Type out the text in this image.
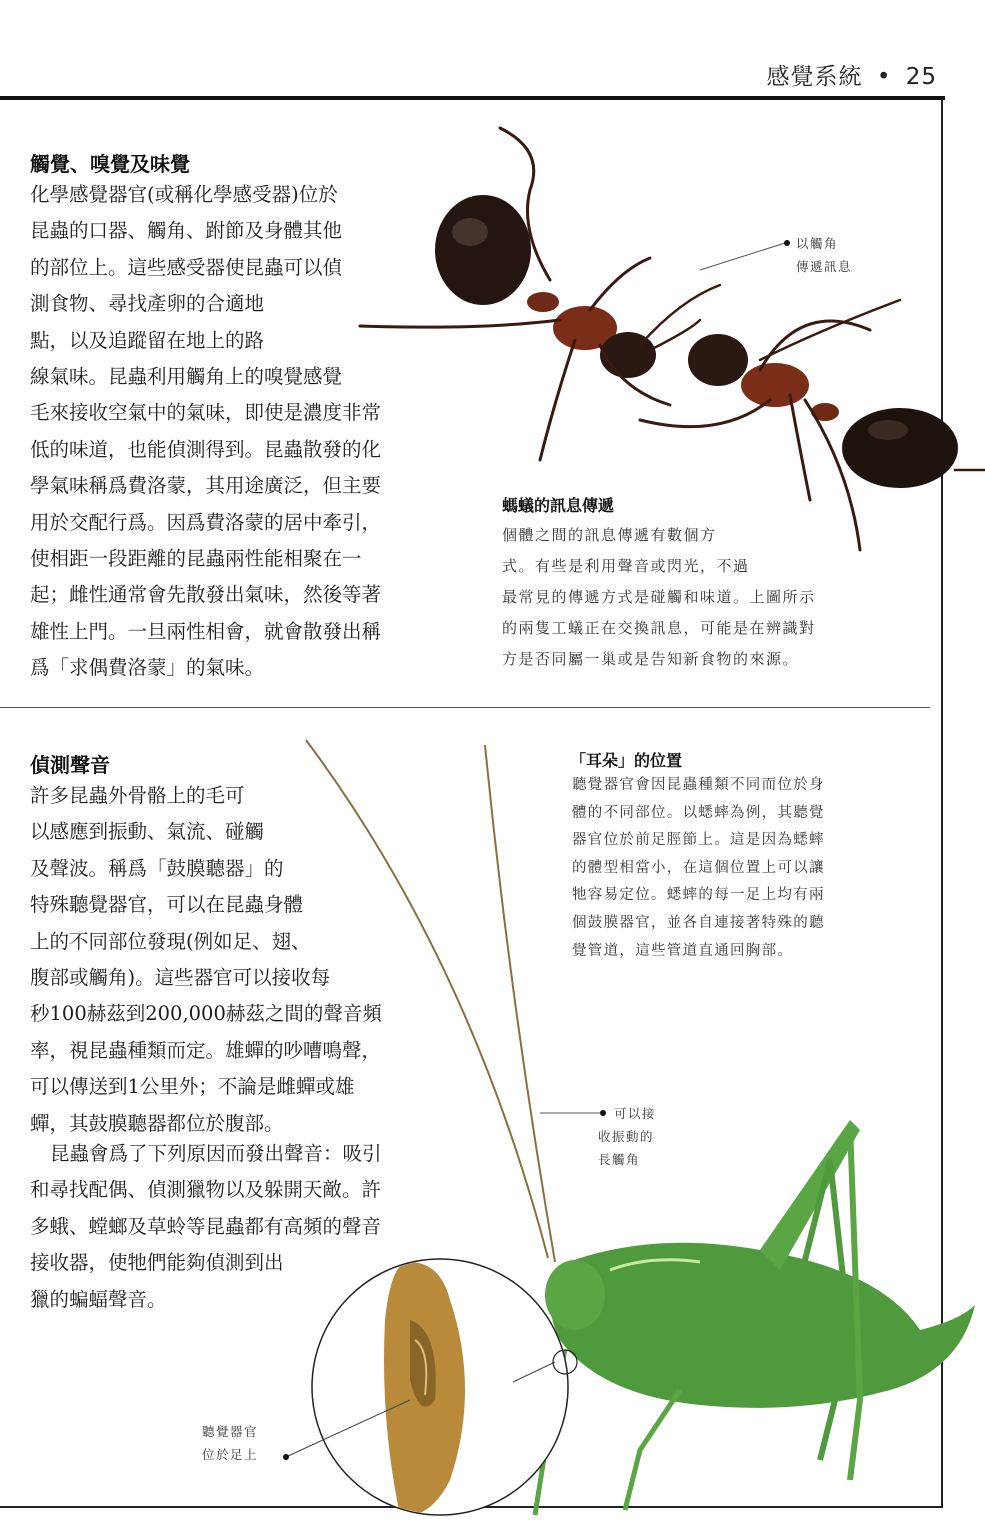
感覺系統 • 25
觸覺、嗅覺及味覺
化學感覺器官(或稱化學感受器)位於
昆蟲的口器、觸角、跗節及身體其他
的部位上。這些感受器使昆蟲可以偵
測食物、尋找產卵的合適地
點，以及追蹤留在地上的路
線氣味。昆蟲利用觸角上的嗅覺感覺
毛來接收空氣中的氣味，即使是濃度非常
低的味道，也能偵測得到。昆蟲散發的化
學氣味稱爲費洛蒙，其用途廣泛，但主要
用於交配行爲。因爲費洛蒙的居中牽引，
使相距一段距離的昆蟲兩性能相聚在一
起；雌性通常會先散發出氣味，然後等著
雄性上門。一旦兩性相會，就會散發出稱
爲「求偶費洛蒙」的氣味。
以觸角
傳遞訊息
螞蟻的訊息傳遞
個體之間的訊息傳遞有數個方
式。有些是利用聲音或閃光，不過
最常見的傳遞方式是碰觸和味道。上圖所示
的兩隻工蟻正在交換訊息，可能是在辨識對
方是否同屬一巢或是告知新食物的來源。
偵測聲音
許多昆蟲外骨骼上的毛可
以感應到振動、氣流、碰觸
及聲波。稱爲「鼓膜聽器」的
特殊聽覺器官，可以在昆蟲身體
上的不同部位發現(例如足、翅、
腹部或觸角)。這些器官可以接收每
秒100赫茲到200,000赫茲之間的聲音頻
率，視昆蟲種類而定。雄蟬的吵嘈鳴聲，
可以傳送到1公里外；不論是雌蟬或雄
蟬，其鼓膜聽器都位於腹部。
昆蟲會爲了下列原因而發出聲音：吸引
和尋找配偶、偵測獵物以及躲開天敵。許
多蛾、螳螂及草蛉等昆蟲都有高頻的聲音
接收器，使牠們能夠偵測到出
獵的蝙蝠聲音。
「耳朵」的位置
聽覺器官會因昆蟲種類不同而位於身
體的不同部位。以蟋蟀為例，其聽覺
器官位於前足脛節上。這是因為蟋蟀
的體型相當小，在這個位置上可以讓
牠容易定位。蟋蟀的每一足上均有兩
個鼓膜器官，並各自連接著特殊的聽
覺管道，這些管道直通回胸部。
可以接
收振動的
長觸角
聽覺器官
位於足上
